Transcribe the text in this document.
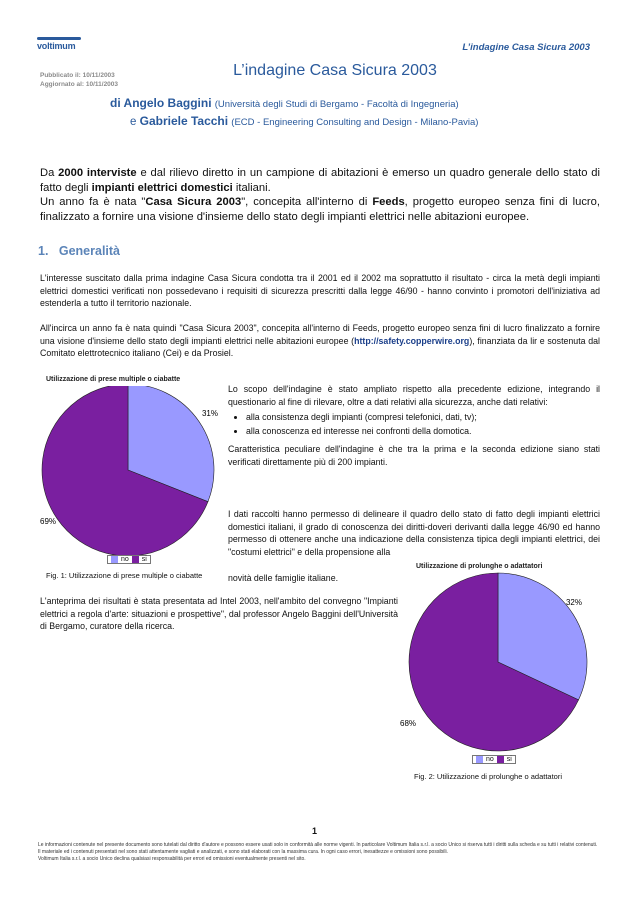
voltimum	L’indagine Casa Sicura 2003
Pubblicato il: 10/11/2003
Aggiornato al: 10/11/2003
L’indagine Casa Sicura 2003
di Angelo Baggini (Università degli Studi di Bergamo - Facoltà di Ingegneria)
e Gabriele Tacchi (ECD - Engineering Consulting and Design - Milano-Pavia)
Da 2000 interviste e dal rilievo diretto in un campione di abitazioni è emerso un quadro generale dello stato di fatto degli impianti elettrici domestici italiani.
Un anno fa è nata "Casa Sicura 2003", concepita all'interno di Feeds, progetto europeo senza fini di lucro, finalizzato a fornire una visione d'insieme dello stato degli impianti elettrici nelle abitazioni europee.
1. Generalità
L'interesse suscitato dalla prima indagine Casa Sicura condotta tra il 2001 ed il 2002 ma soprattutto il risultato - circa la metà degli impianti elettrici domestici verificati non possedevano i requisiti di sicurezza prescritti dalla legge 46/90 - hanno convinto i promotori dell'iniziativa ad estenderla a tutto il territorio nazionale.
All'incirca un anno fa è nata quindi "Casa Sicura 2003", concepita all'interno di Feeds, progetto europeo senza fini di lucro finalizzato a fornire una visione d'insieme dello stato degli impianti elettrici nelle abitazioni europee (http://safety.copperwire.org), finanziata da lir e sostenuta dal Comitato elettrotecnico italiano (Cei) e da Prosiel.
Utilizzazione di prese multiple o ciabatte
31%
69%
no si
Fig. 1: Utilizzazione di prese multiple o ciabatte
Lo scopo dell'indagine è stato ampliato rispetto alla precedente edizione, integrando il questionario al fine di rilevare, oltre a dati relativi alla sicurezza, anche dati relativi:
• alla consistenza degli impianti (compresi telefonici, dati, tv);
• alla conoscenza ed interesse nei confronti della domotica.
Caratteristica peculiare dell'indagine è che tra la prima e la seconda edizione siano stati verificati direttamente più di 200 impianti.
I dati raccolti hanno permesso di delineare il quadro dello stato di fatto degli impianti elettrici domestici italiani, il grado di conoscenza dei diritti-doveri derivanti dalla legge 46/90 ed hanno permesso di ottenere anche una indicazione della consistenza tipica degli impianti elettrici, dei "costumi elettrici" e della propensione alla
novità delle famiglie italiane.
L'anteprima dei risultati è stata presentata ad Intel 2003, nell'ambito del convegno "Impianti elettrici a regola d'arte: situazioni e prospettive", dal professor Angelo Baggini dell'Università di Bergamo, curatore della ricerca.
Utilizzazione di prolunghe o adattatori
32%
68%
no si
Fig. 2: Utilizzazione di prolunghe o adattatori
1
Le informazioni contenute nel presente documento sono tutelati dal diritto d'autore e possono essere usati solo in conformità alle norme vigenti. In particolare Voltimum Italia s.r.l. a socio Unico si riserva tutti i diritti sulla scheda e su tutti i relativi contenuti.
Il materiale ed i contenuti presentati nel sono stati attentamente vagliati e analizzati, e sono stati elaborati con la massima cura. In ogni caso errori, inesattezze e omissioni sono possibili.
Voltimum Italia s.r.l. a socio Unico declina qualsiasi responsabilità per errori ed omissioni eventualmente presenti nel sito.
